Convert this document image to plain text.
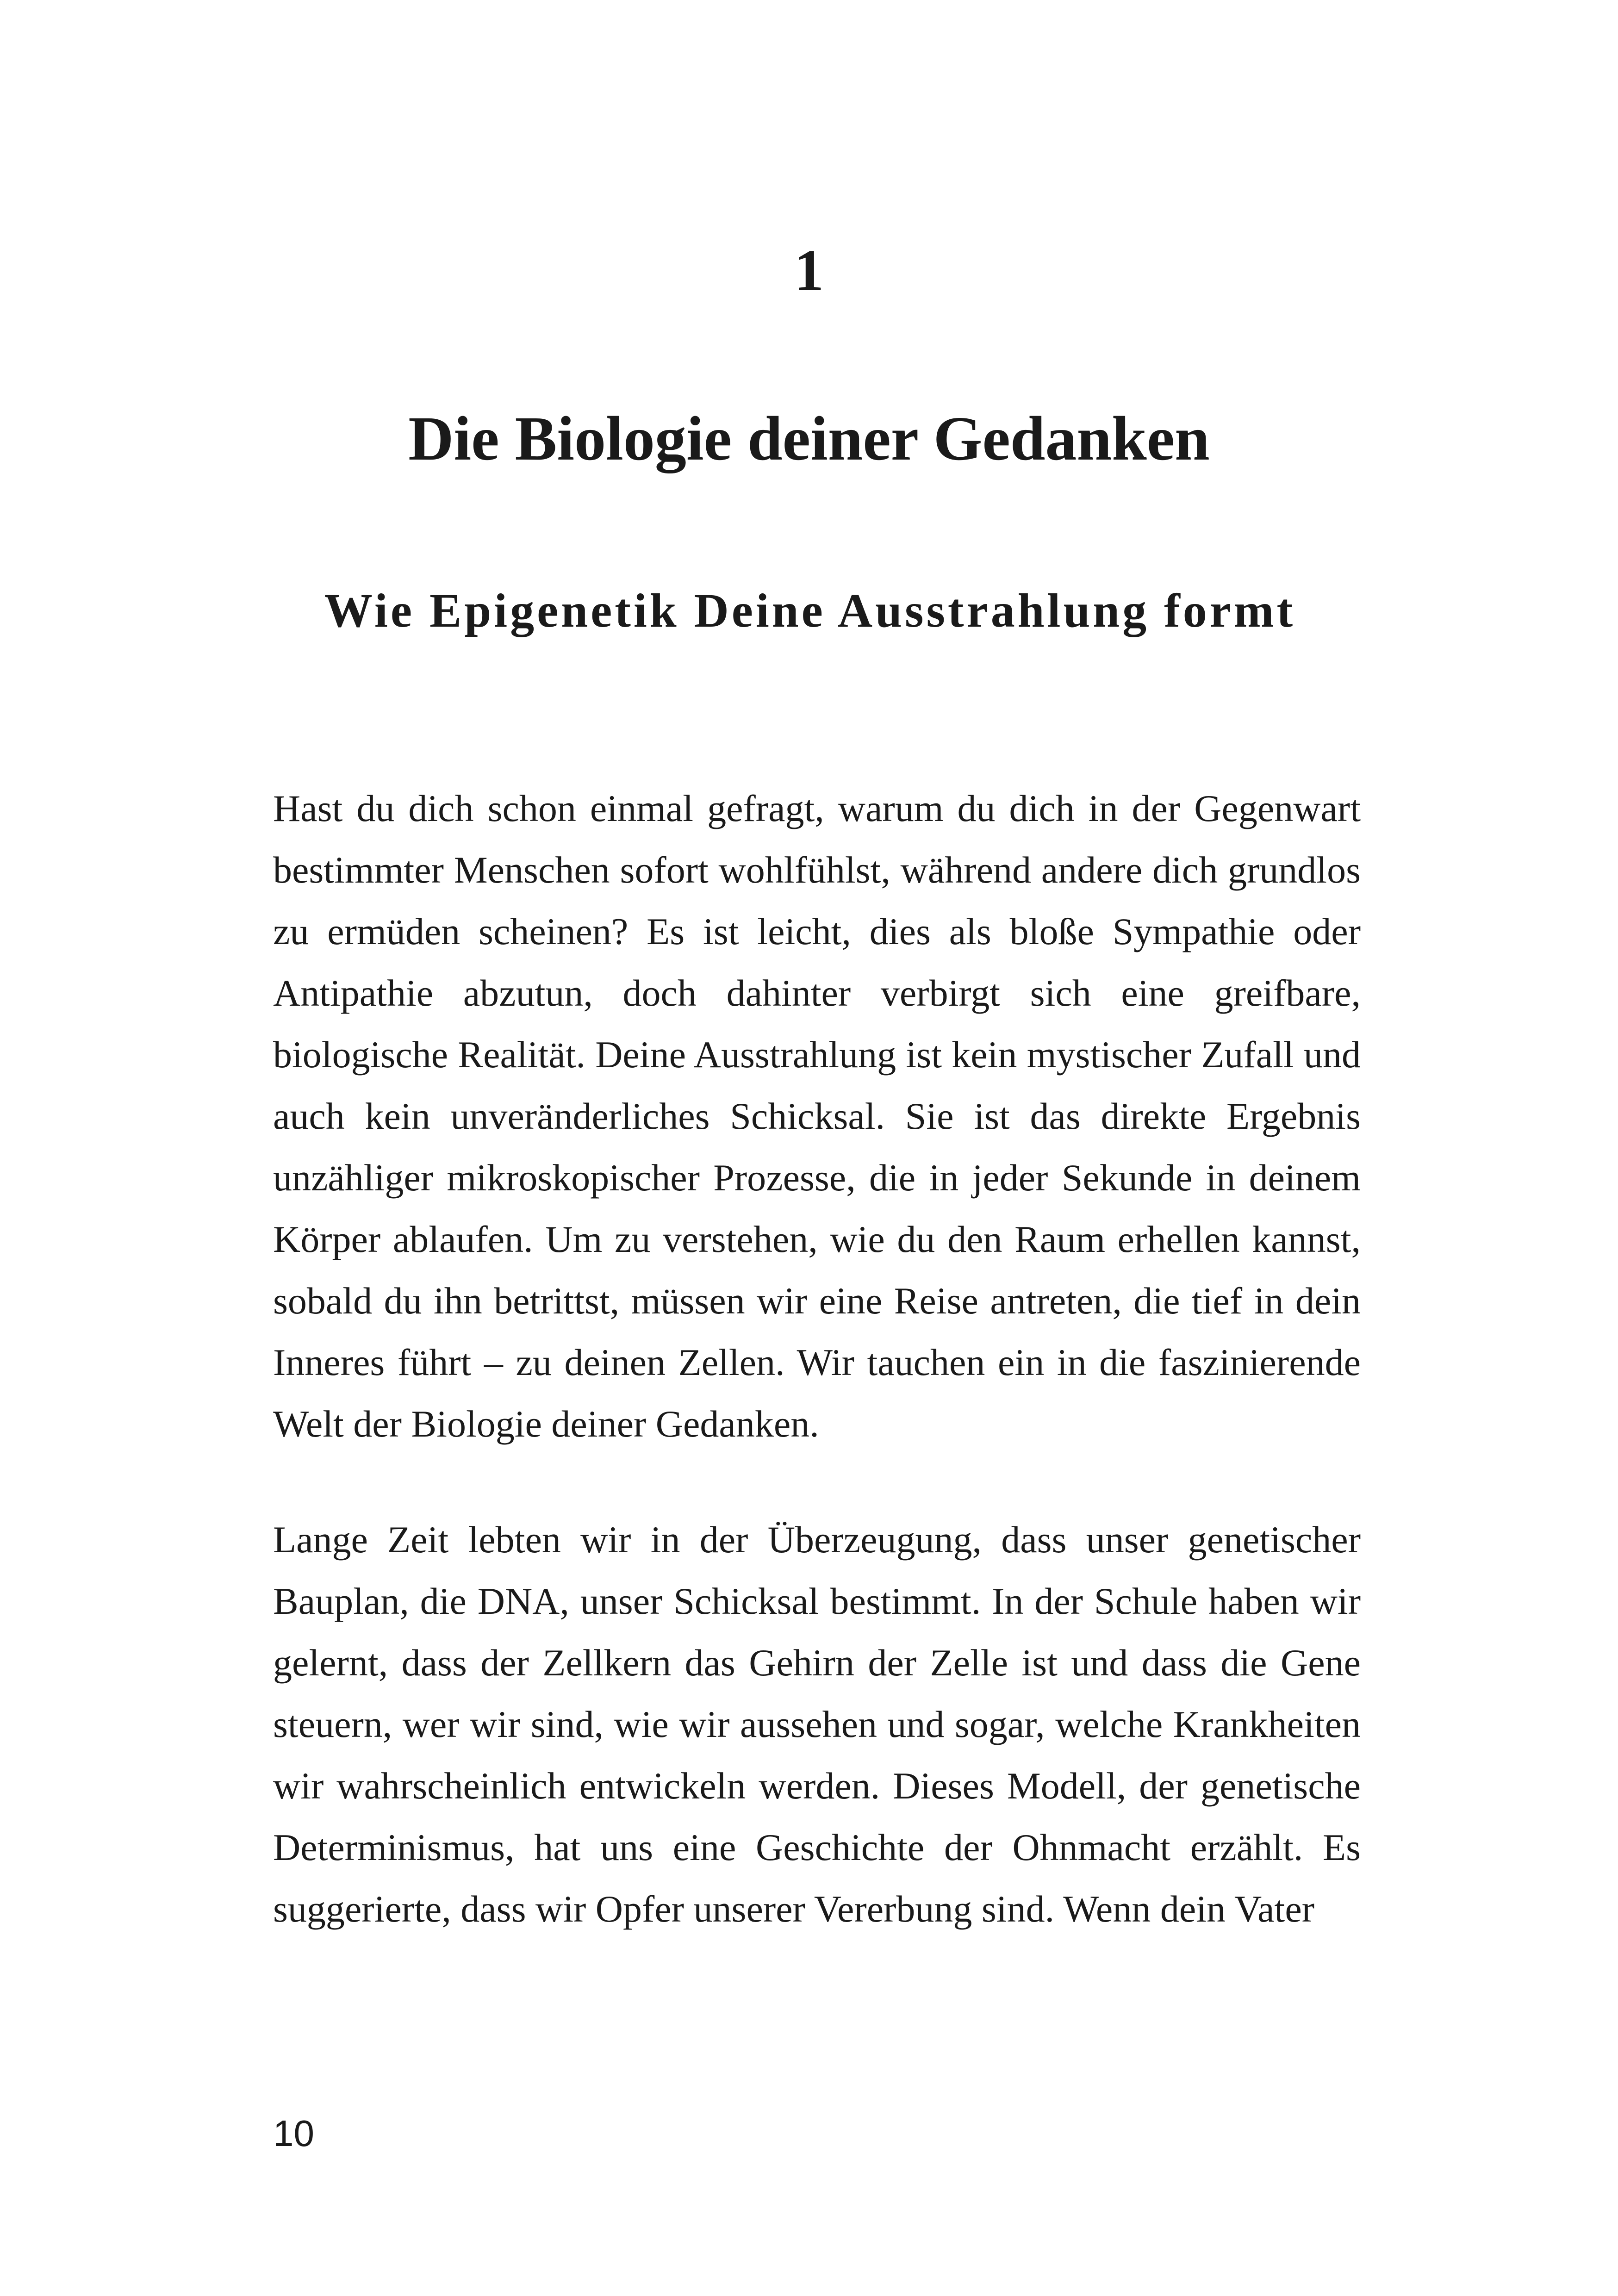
1
Die Biologie deiner Gedanken
Wie Epigenetik Deine Ausstrahlung formt

Hast du dich schon einmal gefragt, warum du dich in der Gegenwart bestimmter Menschen sofort wohlfühlst, während andere dich grundlos zu ermüden scheinen? Es ist leicht, dies als bloße Sympathie oder Antipathie abzutun, doch dahinter verbirgt sich eine greifbare, biologische Realität. Deine Ausstrahlung ist kein mystischer Zufall und auch kein unveränderliches Schicksal. Sie ist das direkte Ergebnis unzähliger mikroskopischer Prozesse, die in jeder Sekunde in deinem Körper ablaufen. Um zu verstehen, wie du den Raum erhellen kannst, sobald du ihn betrittst, müssen wir eine Reise antreten, die tief in dein Inneres führt – zu deinen Zellen. Wir tauchen ein in die faszinierende Welt der Biologie deiner Gedanken.

Lange Zeit lebten wir in der Überzeugung, dass unser genetischer Bauplan, die DNA, unser Schicksal bestimmt. In der Schule haben wir gelernt, dass der Zellkern das Gehirn der Zelle ist und dass die Gene steuern, wer wir sind, wie wir aussehen und sogar, welche Krankheiten wir wahrscheinlich entwickeln werden. Dieses Modell, der genetische Determinismus, hat uns eine Geschichte der Ohnmacht erzählt. Es suggerierte, dass wir Opfer unserer Vererbung sind. Wenn dein Vater

10
